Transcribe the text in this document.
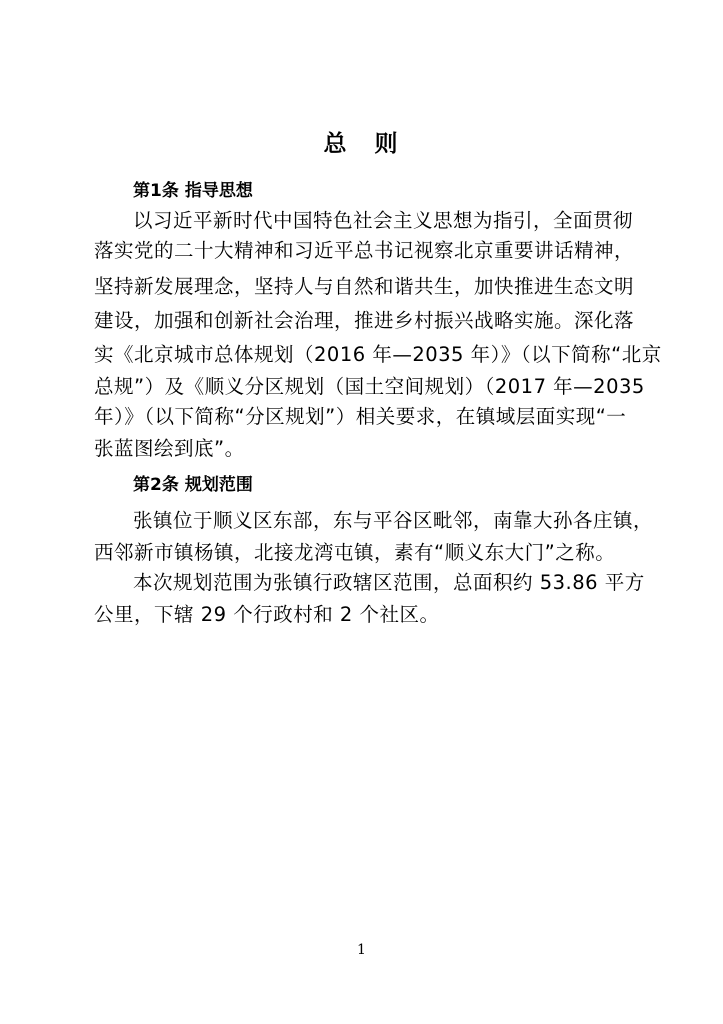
总 则
第1条 指导思想
以习近平新时代中国特色社会主义思想为指引，全面贯彻
落实党的二十大精神和习近平总书记视察北京重要讲话精神，
坚持新发展理念，坚持人与自然和谐共生，加快推进生态文明
建设，加强和创新社会治理，推进乡村振兴战略实施。深化落
实《北京城市总体规划（2016 年—2035 年）》（以下简称“北京
总规”）及《顺义分区规划（国土空间规划）（2017 年—2035
年）》（以下简称“分区规划”）相关要求，在镇域层面实现“一
张蓝图绘到底”。
第2条 规划范围
张镇位于顺义区东部，东与平谷区毗邻，南靠大孙各庄镇，
西邻新市镇杨镇，北接龙湾屯镇，素有“顺义东大门”之称。
本次规划范围为张镇行政辖区范围，总面积约 53.86 平方
公里，下辖 29 个行政村和 2 个社区。
1
